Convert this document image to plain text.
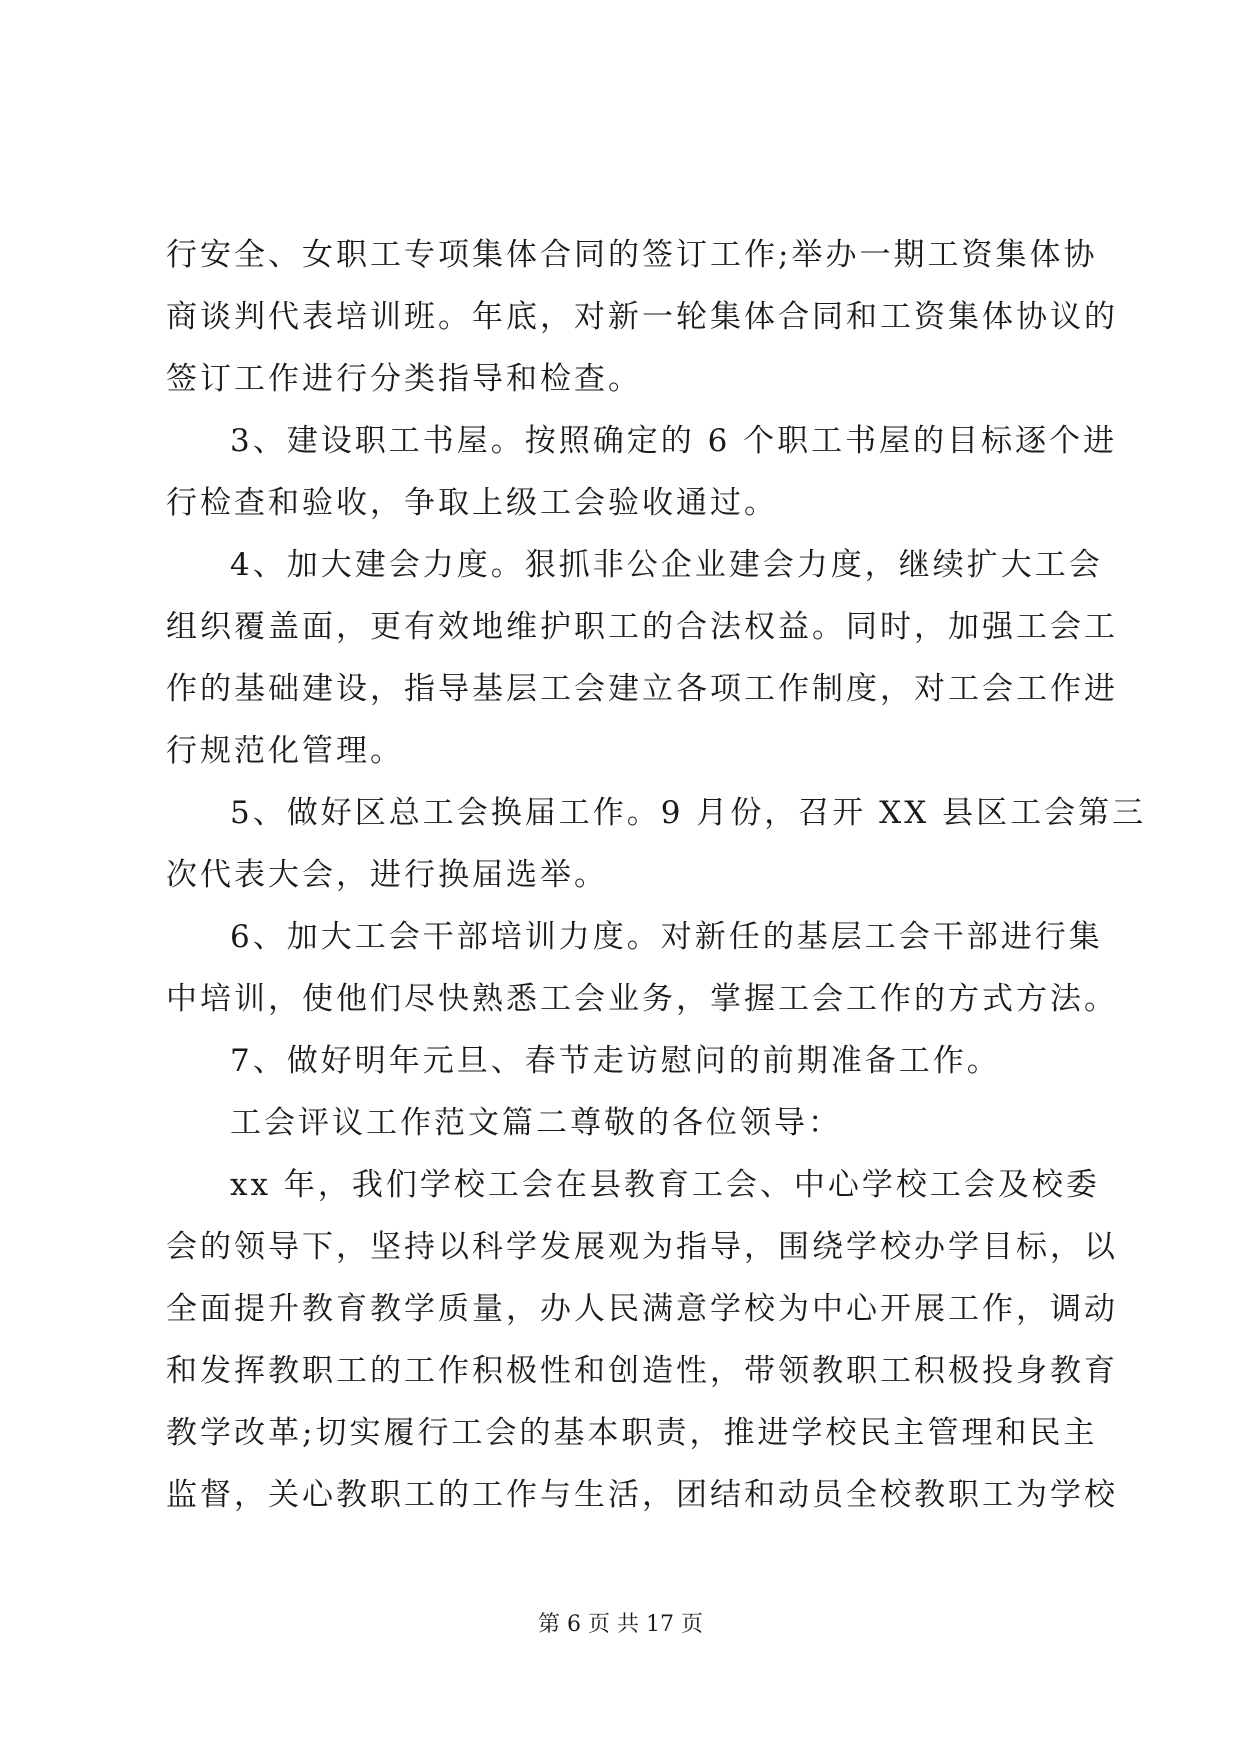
行安全、女职工专项集体合同的签订工作;举办一期工资集体协
商谈判代表培训班。年底，对新一轮集体合同和工资集体协议的
签订工作进行分类指导和检查。
3、建设职工书屋。按照确定的 6 个职工书屋的目标逐个进
行检查和验收，争取上级工会验收通过。
4、加大建会力度。狠抓非公企业建会力度，继续扩大工会
组织覆盖面，更有效地维护职工的合法权益。同时，加强工会工
作的基础建设，指导基层工会建立各项工作制度，对工会工作进
行规范化管理。
5、做好区总工会换届工作。9 月份，召开 XX 县区工会第三
次代表大会，进行换届选举。
6、加大工会干部培训力度。对新任的基层工会干部进行集
中培训，使他们尽快熟悉工会业务，掌握工会工作的方式方法。
7、做好明年元旦、春节走访慰问的前期准备工作。
工会评议工作范文篇二尊敬的各位领导：
xx 年，我们学校工会在县教育工会、中心学校工会及校委
会的领导下，坚持以科学发展观为指导，围绕学校办学目标，以
全面提升教育教学质量，办人民满意学校为中心开展工作，调动
和发挥教职工的工作积极性和创造性，带领教职工积极投身教育
教学改革;切实履行工会的基本职责，推进学校民主管理和民主
监督，关心教职工的工作与生活，团结和动员全校教职工为学校
第 6 页 共 17 页
